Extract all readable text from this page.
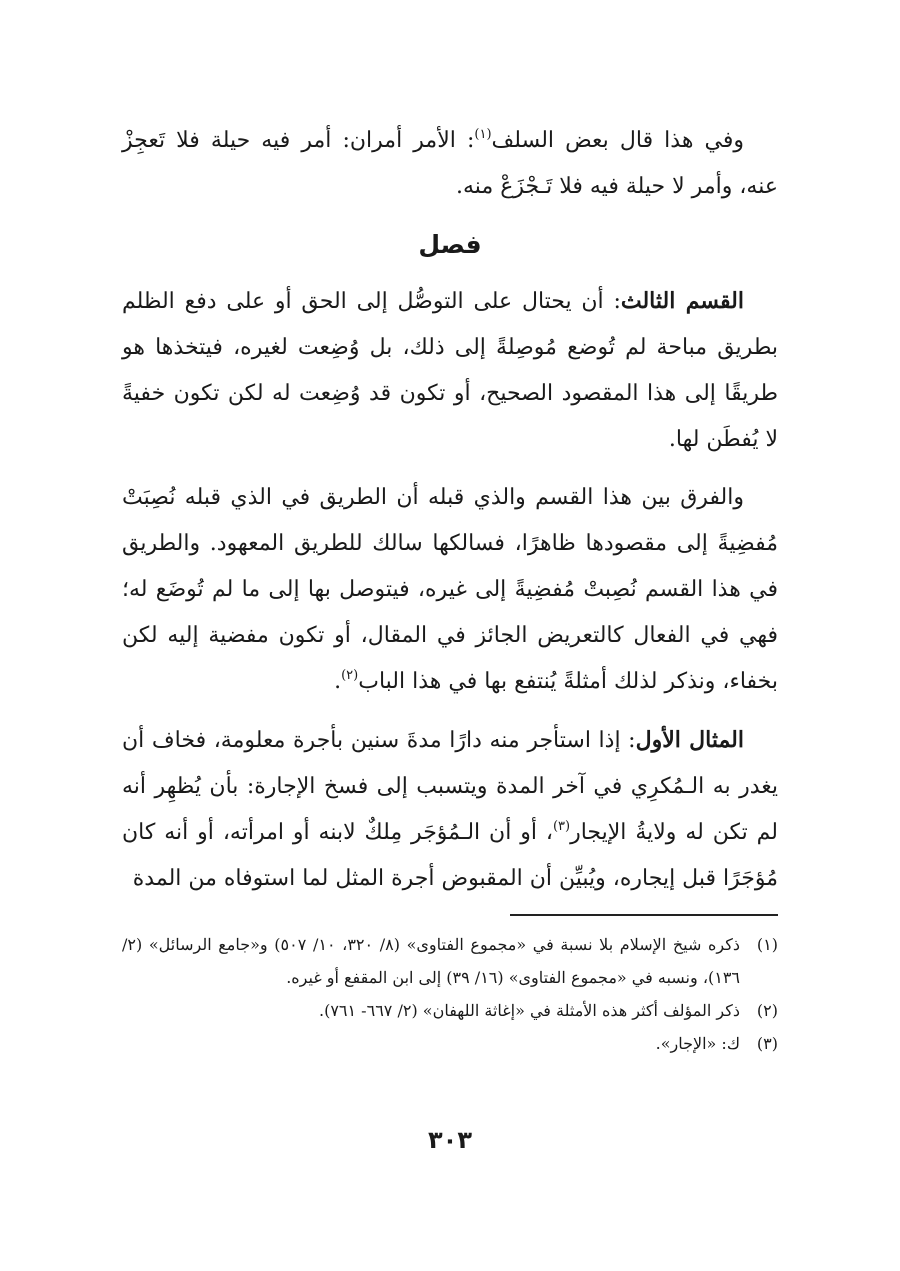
وفي هذا قال بعض السلف$^{(١)}$: الأمر أمران: أمر فيه حيلة فلا تَعجِزْ عنه، وأمر لا حيلة فيه فلا تَـجْزَعْ منه.

فصل

القسم الثالث: أن يحتال على التوصُّل إلى الحق أو على دفع الظلم بطريق مباحة لم تُوضع مُوصِلةً إلى ذلك، بل وُضِعت لغيره، فيتخذها هو طريقًا إلى هذا المقصود الصحيح، أو تكون قد وُضِعت له لكن تكون خفيةً لا يُفطَن لها.

والفرق بين هذا القسم والذي قبله أن الطريق في الذي قبله نُصِبَتْ مُفضِيةً إلى مقصودها ظاهرًا، فسالكها سالك للطريق المعهود. والطريق في هذا القسم نُصِبتْ مُفضِيةً إلى غيره، فيتوصل بها إلى ما لم تُوضَع له؛ فهي في الفعال كالتعريض الجائز في المقال، أو تكون مفضية إليه لكن بخفاء، ونذكر لذلك أمثلةً يُنتفع بها في هذا الباب$^{(٢)}$.

المثال الأول: إذا استأجر منه دارًا مدةَ سنين بأجرة معلومة، فخاف أن يغدر به الـمُكرِي في آخر المدة ويتسبب إلى فسخ الإجارة: بأن يُظهِر أنه لم تكن له ولايةُ الإيجار$^{(٣)}$، أو أن الـمُؤجَر مِلكٌ لابنه أو امرأته، أو أنه كان مُؤجَرًا قبل إيجاره، ويُبيِّن أن المقبوض أجرة المثل لما استوفاه من المدة

(١)
ذكره شيخ الإسلام بلا نسبة في «مجموع الفتاوى» (٨/ ٣٢٠، ١٠/ ٥٠٧) و«جامع الرسائل» (٢/ ١٣٦)، ونسبه في «مجموع الفتاوى» (١٦/ ٣٩) إلى ابن المقفع أو غيره.
(٢)
ذكر المؤلف أكثر هذه الأمثلة في «إغاثة اللهفان» (٢/ ٦٦٧- ٧٦١).
(٣)
ك: «الإجار».
٣٠٣
